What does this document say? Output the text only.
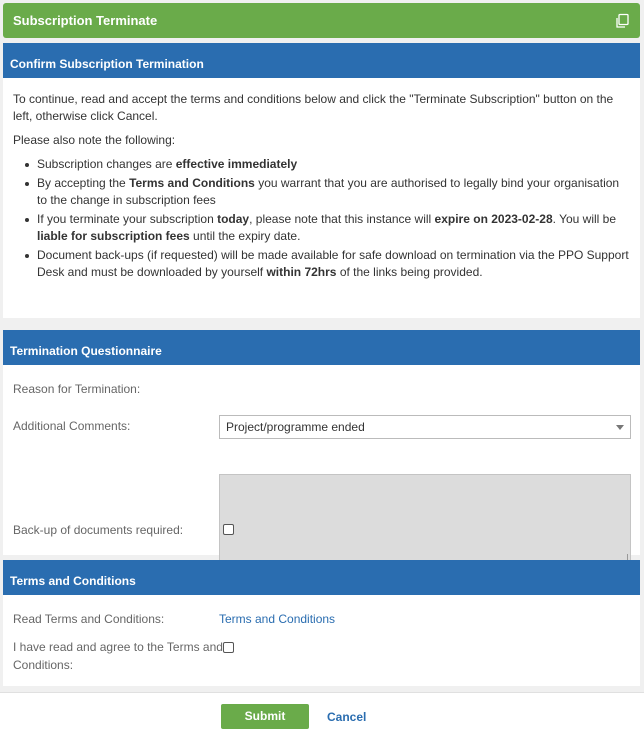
Subscription Terminate
Confirm Subscription Termination

To continue, read and accept the terms and conditions below and click the "Terminate Subscription" button on the left, otherwise click Cancel.

Please also note the following:

Subscription changes are effective immediately
By accepting the Terms and Conditions you warrant that you are authorised to legally bind your organisation to the change in subscription fees
If you terminate your subscription today, please note that this instance will expire on 2023-02-28. You will be liable for subscription fees until the expiry date.
Document back-ups (if requested) will be made available for safe download on termination via the PPO Support Desk and must be downloaded by yourself within 72hrs of the links being provided.
Termination Questionnaire
Reason for Termination:
Project/programme ended
Additional Comments:
Back-up of documents required:
Terms and Conditions
Read Terms and Conditions:	Terms and Conditions
I have read and agree to the Terms and
Conditions:
Submit	Cancel
